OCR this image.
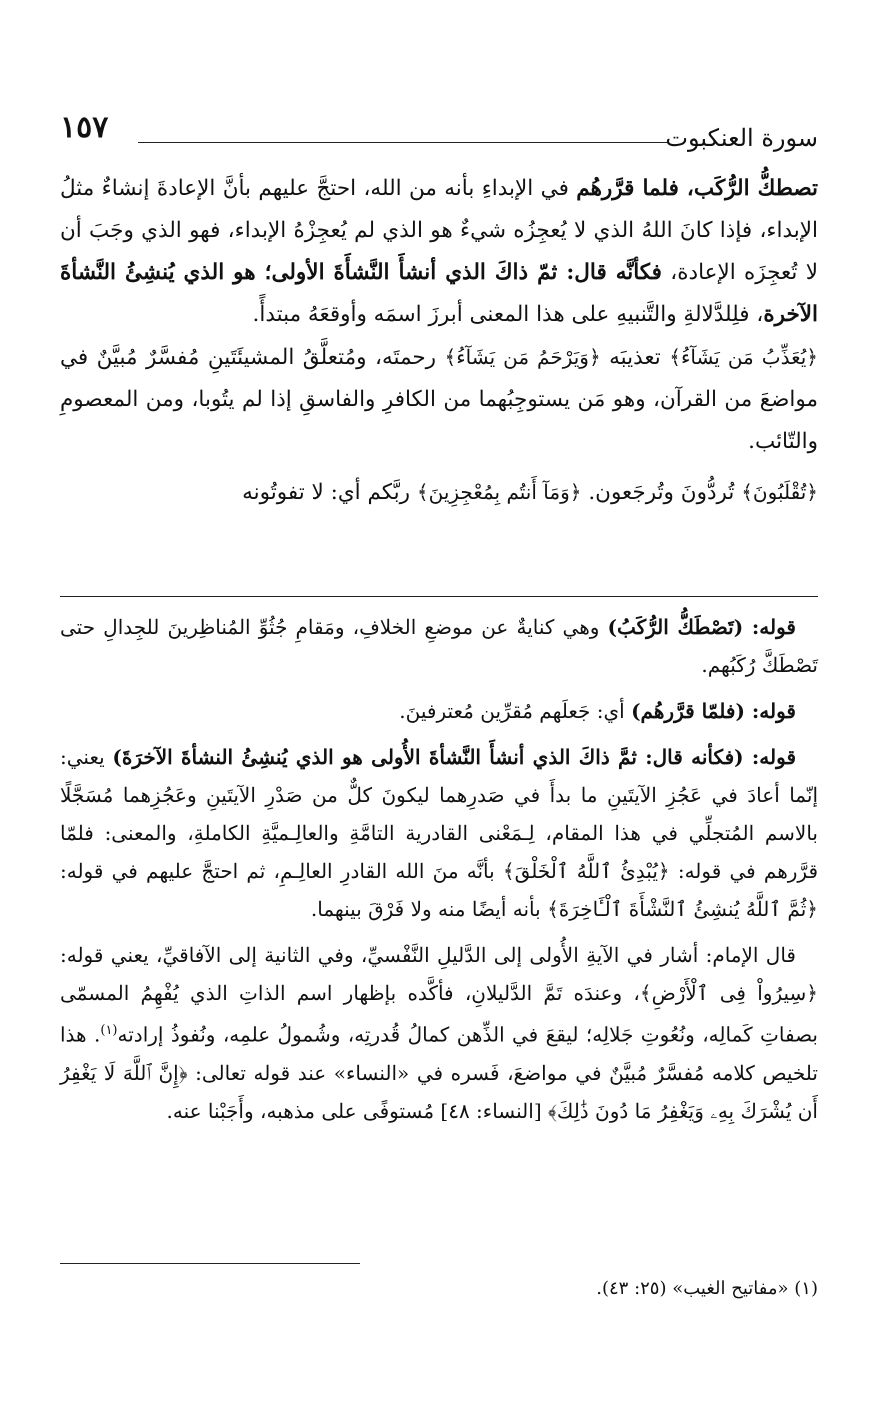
سورة العنكبوت
١٥٧

تصطكُّ الرُّكَب، فلما قرَّرهُم في الإبداءِ بأنه من الله، احتجَّ عليهم بأنَّ الإعادةَ إنشاءٌ مثلُ الإبداء، فإذا كانَ اللهُ الذي لا يُعجِزُه شيءٌ هو الذي لم يُعجِزْهُ الإبداء، فهو الذي وجَبَ أن لا تُعجِزَه الإعادة، فكأنَّه قال: ثمّ ذاكَ الذي أنشأَ النَّشأَةَ الأولى؛ هو الذي يُنشِئُ النَّشأةَ الآخرة، فلِلدَّلالةِ والتَّنبيهِ على هذا المعنى أبرزَ اسمَه وأوقعَهُ مبتدأً.

﴿يُعَذِّبُ مَن يَشَآءُ﴾ تعذيبَه ﴿وَيَرْحَمُ مَن يَشَآءُ﴾ رحمتَه، ومُتعلَّقُ المشيئَتَينِ مُفسَّرٌ مُبيَّنٌ في مواضعَ من القرآن، وهو مَن يستوجِبُهما من الكافرِ والفاسقِ إذا لم يتُوبا، ومن المعصومِ والتّائب.

﴿تُقْلَبُونَ﴾ تُردُّونَ وتُرجَعون. ﴿وَمَآ أَنتُم بِمُعْجِزِينَ﴾ ربَّكم أي: لا تفوتُونه

قوله: (تَصْطَكُّ الرُّكَبُ) وهي كنايةٌ عن موضعِ الخلافِ، ومَقامِ جُثُوِّ المُناظِرينَ للجِدالِ حتى تَصْطَكَّ رُكَبُهم.

قوله: (فلمّا قرَّرهُم) أي: جَعلَهم مُقرِّين مُعترفينَ.

قوله: (فكأنه قال: ثمَّ ذاكَ الذي أنشأَ النَّشأةَ الأُولى هو الذي يُنشِئُ النشأةَ الآخرَةَ) يعني: إنّما أعادَ في عَجُزِ الآيتَينِ ما بدأَ في صَدرِهما ليكونَ كلٌّ من صَدْرِ الآيتَينِ وعَجُزِهما مُسَجَّلًا بالاسم المُتجلِّي في هذا المقام، لِـمَعْنى القادرية التامَّةِ والعالِـميَّةِ الكاملةِ، والمعنى: فلمّا قرَّرهم في قوله: ﴿يُبْدِئُ ٱللَّهُ ٱلْخَلْقَ﴾ بأنَّه منَ الله القادرِ العالِـمِ، ثم احتجَّ عليهم في قوله: ﴿ثُمَّ ٱللَّهُ يُنشِئُ ٱلنَّشْأَةَ ٱلْـَٔاخِرَةَ﴾ بأنه أيضًا منه ولا فَرْقَ بينهما.

قال الإمام: أشار في الآيةِ الأُولى إلى الدَّليلِ النَّفْسيِّ، وفي الثانية إلى الآفاقيِّ، يعني قوله: ﴿سِيرُواْ فِى ٱلْأَرْضِ﴾، وعندَه تَمَّ الدَّليلانِ، فأكَّده بإظهار اسم الذاتِ الذي يُفْهِمُ المسمّى بصفاتِ كَمالِه، ونُعُوتِ جَلالِه؛ ليقعَ في الذِّهن كمالُ قُدرتِه، وشُمولُ علمِه، ونُفوذُ إرادته$^{(١)}$. هذا تلخيص كلامه مُفسَّرٌ مُبيَّنٌ في مواضعَ، فَسره في «النساء» عند قوله تعالى: ﴿إِنَّ ٱللَّهَ لَا يَغْفِرُ أَن يُشْرَكَ بِهِۦ وَيَغْفِرُ مَا دُونَ ذَٰلِكَ﴾ [النساء: ٤٨] مُستوفًى على مذهبه، وأَجَبْنا عنه.

(١) «مفاتيح الغيب» (٢٥: ٤٣).
